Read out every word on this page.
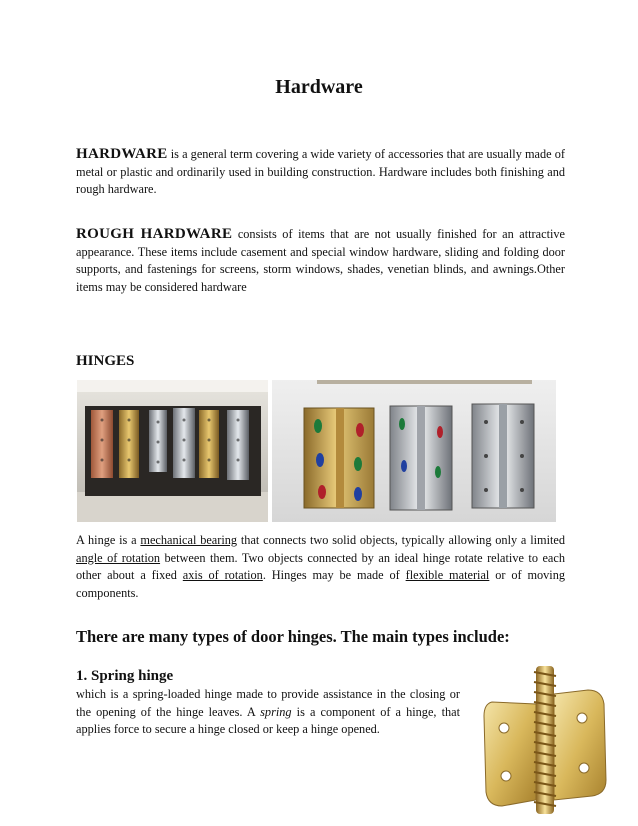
Hardware
HARDWARE is a general term covering a wide variety of accessories that are usually made of metal or plastic and ordinarily used in building construction. Hardware includes both finishing and rough hardware.
ROUGH HARDWARE consists of items that are not usually finished for an attractive appearance. These items include casement and special window hardware, sliding and folding door supports, and fastenings for screens, storm windows, shades, venetian blinds, and awnings.Other items may be considered hardware
HINGES
A hinge is a mechanical bearing that connects two solid objects, typically allowing only a limited angle of rotation between them. Two objects connected by an ideal hinge rotate relative to each other about a fixed axis of rotation. Hinges may be made of flexible material or of moving components.
There are many types of door hinges. The main types include:
1. Spring hinge
which is a spring-loaded hinge made to provide assistance in the closing or the opening of the hinge leaves. A spring is a component of a hinge, that applies force to secure a hinge closed or keep a hinge opened.
